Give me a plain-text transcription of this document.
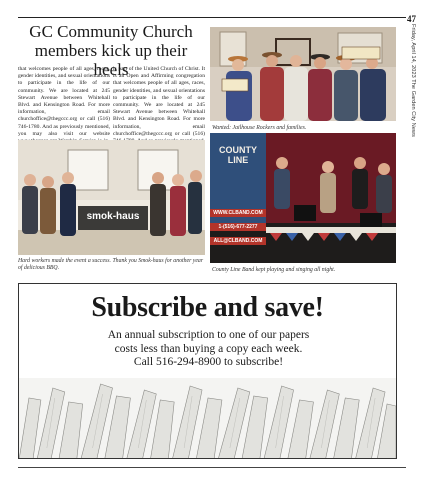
47
Friday, April 14, 2023 The Garden City News
GC Community Church members kick up their heels

that welcomes people of all ages, races, gender identities, and sexual orientations to participate in the life of our community. We are located at 245 Stewart Avenue between Whitehall Blvd. and Kensington Road. For more information, email churchoffice@thegccc.org or call (516) 746-1780. And as previously mentioned, you may also visit our website

is part of the United Church of Christ. It is an Open and Affirming congregation that welcomes people of all ages, races, gender identities, and sexual orientations to participate in the life of our community. We are located at 245 Stewart Avenue between Whitehall Blvd. and Kensington Road. For more information, email churchoffice@thegccc.org or call (516)

Wanted: Jailhouse Rockers and families.
smok-haus
Hard workers made the event a success. Thank you Smok-haus for another year of delicious BBQ.
COUNTY LINE
WWW.CLBAND.COM
1-(516)-677-2277
ALL@CLBAND.COM
County Line Band kept playing and singing all night.
Subscribe and save!
An annual subscription to one of our papers
costs less than buying a copy each week.
Call 516-294-8900 to subscribe!
